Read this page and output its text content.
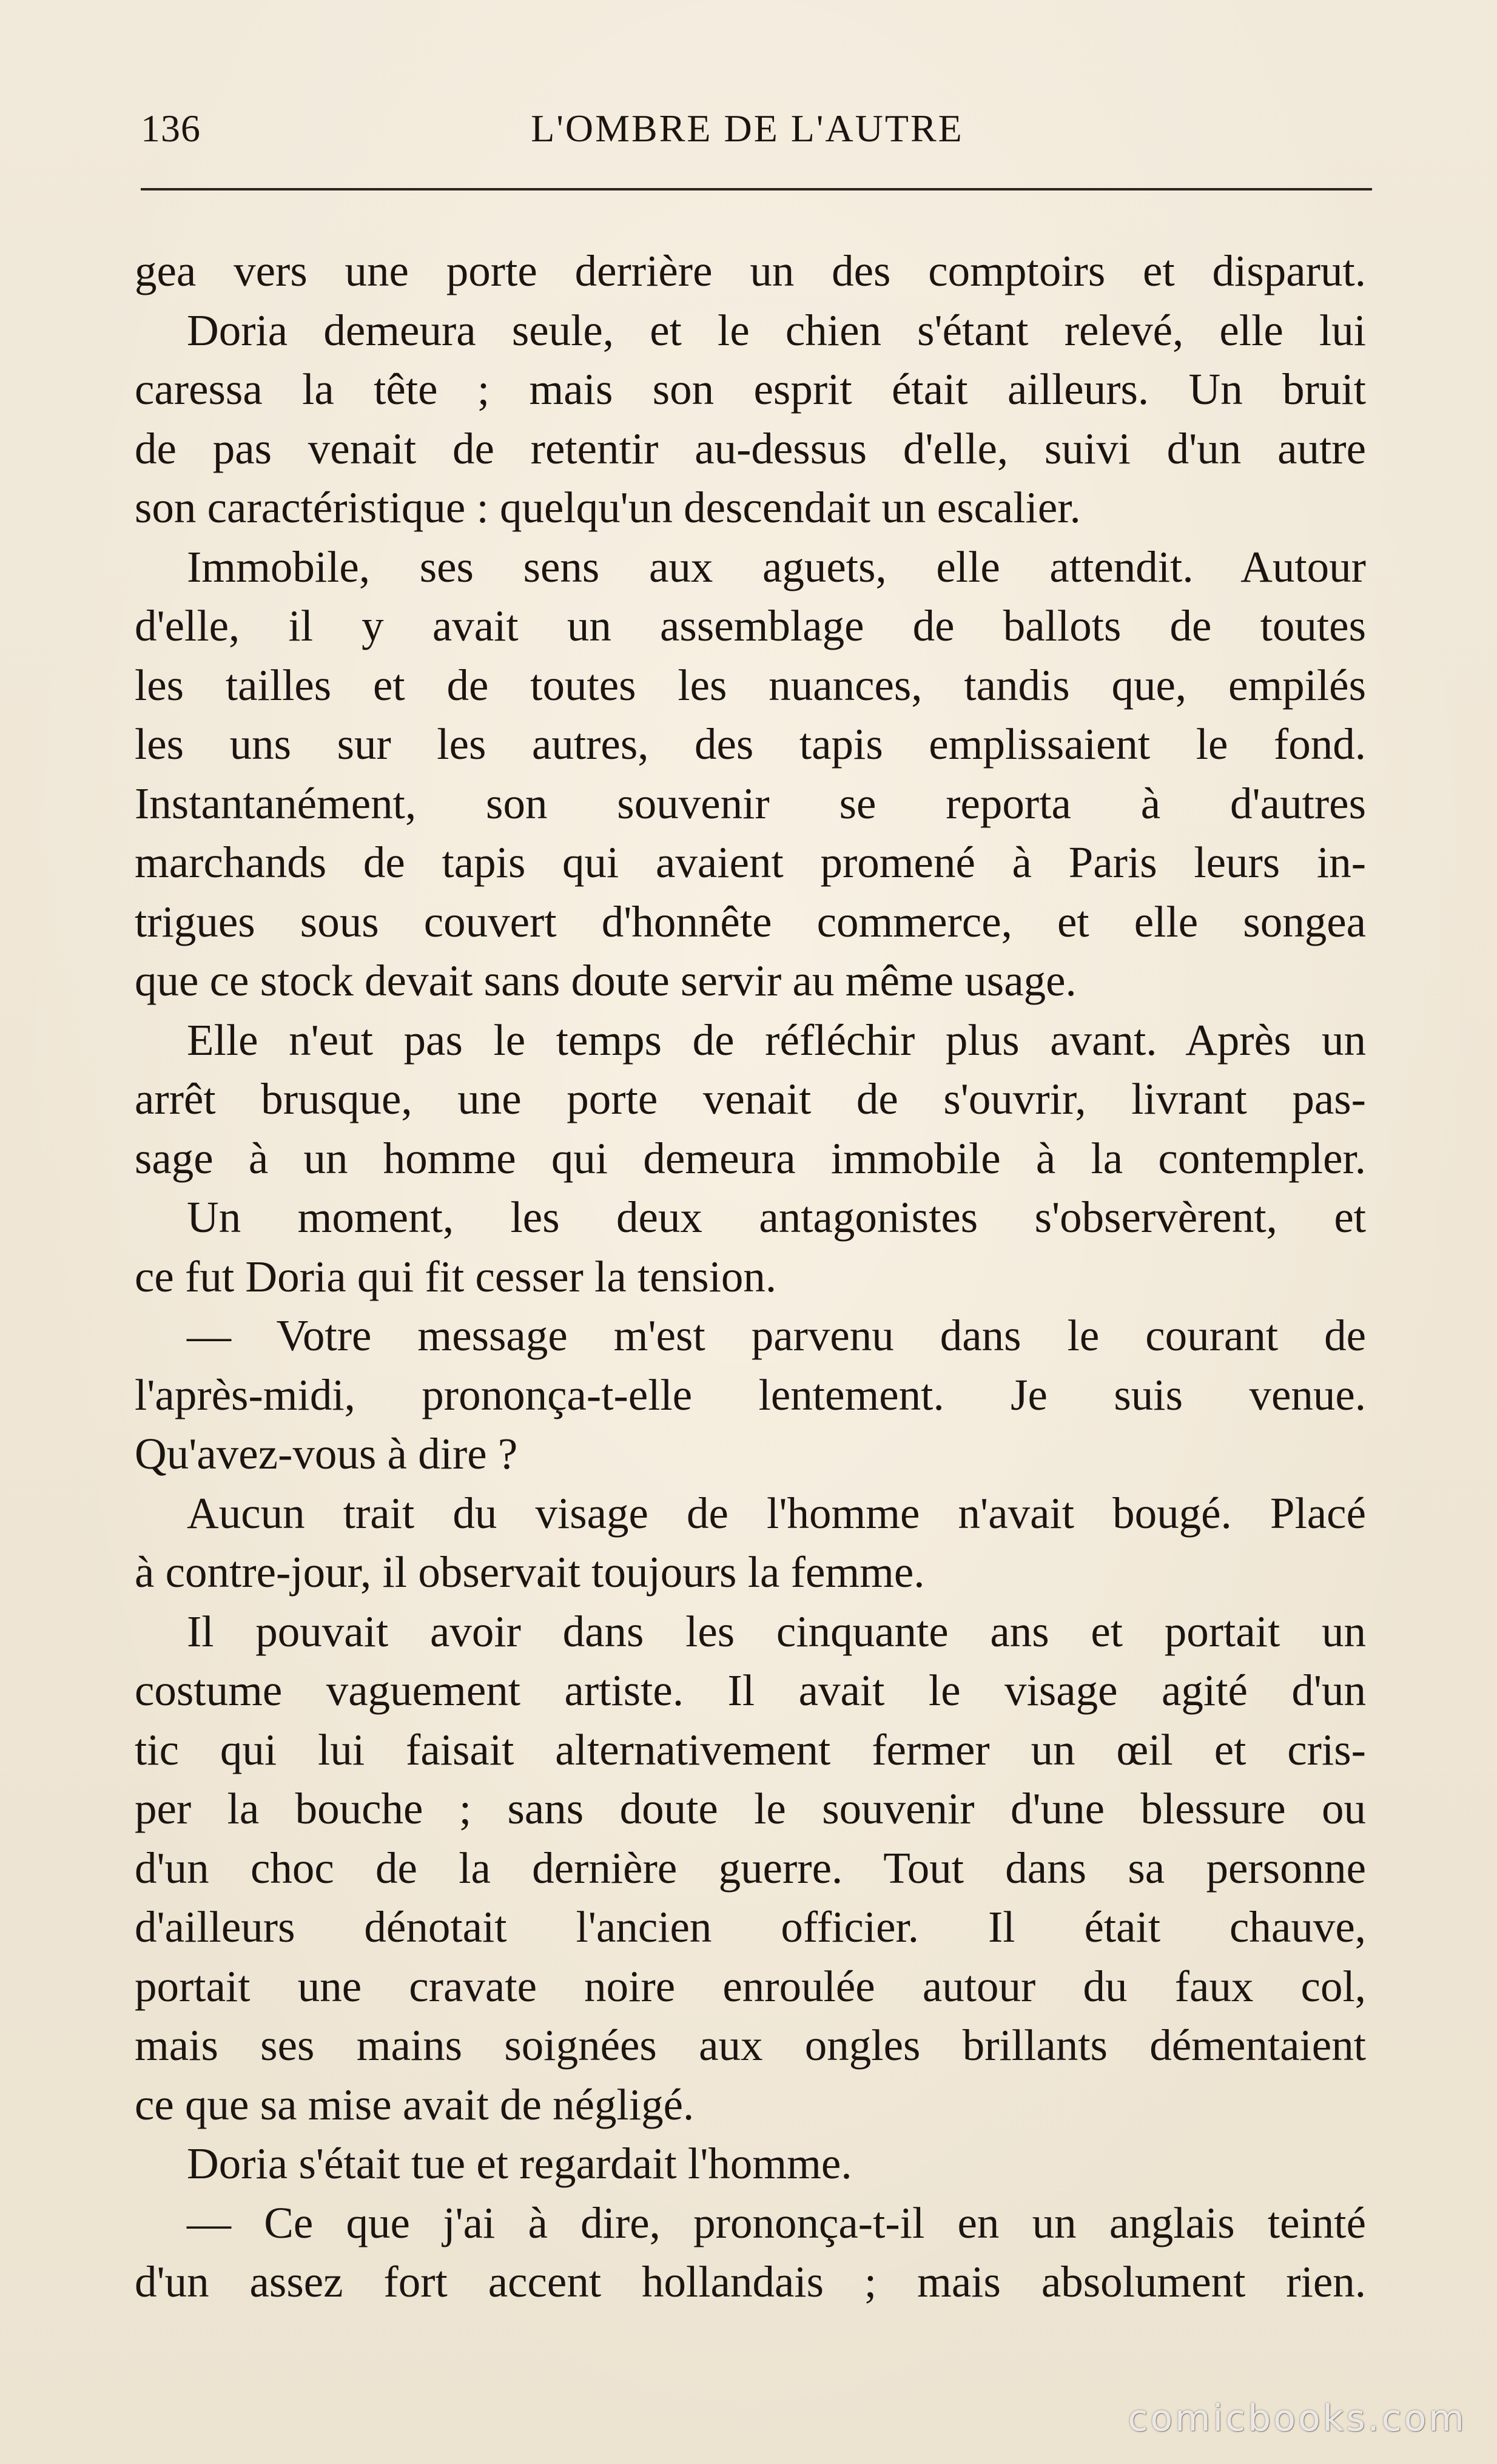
136	L'OMBRE DE L'AUTRE
gea vers une porte derrière un des comptoirs et disparut.
Doria demeura seule, et le chien s'étant relevé, elle lui
caressa la tête ; mais son esprit était ailleurs. Un bruit
de pas venait de retentir au-dessus d'elle, suivi d'un autre
son caractéristique : quelqu'un descendait un escalier.
Immobile, ses sens aux aguets, elle attendit. Autour
d'elle, il y avait un assemblage de ballots de toutes
les tailles et de toutes les nuances, tandis que, empilés
les uns sur les autres, des tapis emplissaient le fond.
Instantanément, son souvenir se reporta à d'autres
marchands de tapis qui avaient promené à Paris leurs in-
trigues sous couvert d'honnête commerce, et elle songea
que ce stock devait sans doute servir au même usage.
Elle n'eut pas le temps de réfléchir plus avant. Après un
arrêt brusque, une porte venait de s'ouvrir, livrant pas-
sage à un homme qui demeura immobile à la contempler.
Un moment, les deux antagonistes s'observèrent, et
ce fut Doria qui fit cesser la tension.
— Votre message m'est parvenu dans le courant de
l'après-midi, prononça-t-elle lentement. Je suis venue.
Qu'avez-vous à dire ?
Aucun trait du visage de l'homme n'avait bougé. Placé
à contre-jour, il observait toujours la femme.
Il pouvait avoir dans les cinquante ans et portait un
costume vaguement artiste. Il avait le visage agité d'un
tic qui lui faisait alternativement fermer un œil et cris-
per la bouche ; sans doute le souvenir d'une blessure ou
d'un choc de la dernière guerre. Tout dans sa personne
d'ailleurs dénotait l'ancien officier. Il était chauve,
portait une cravate noire enroulée autour du faux col,
mais ses mains soignées aux ongles brillants démentaient
ce que sa mise avait de négligé.
Doria s'était tue et regardait l'homme.
— Ce que j'ai à dire, prononça-t-il en un anglais teinté
d'un assez fort accent hollandais ; mais absolument rien.
comicbooks.com
